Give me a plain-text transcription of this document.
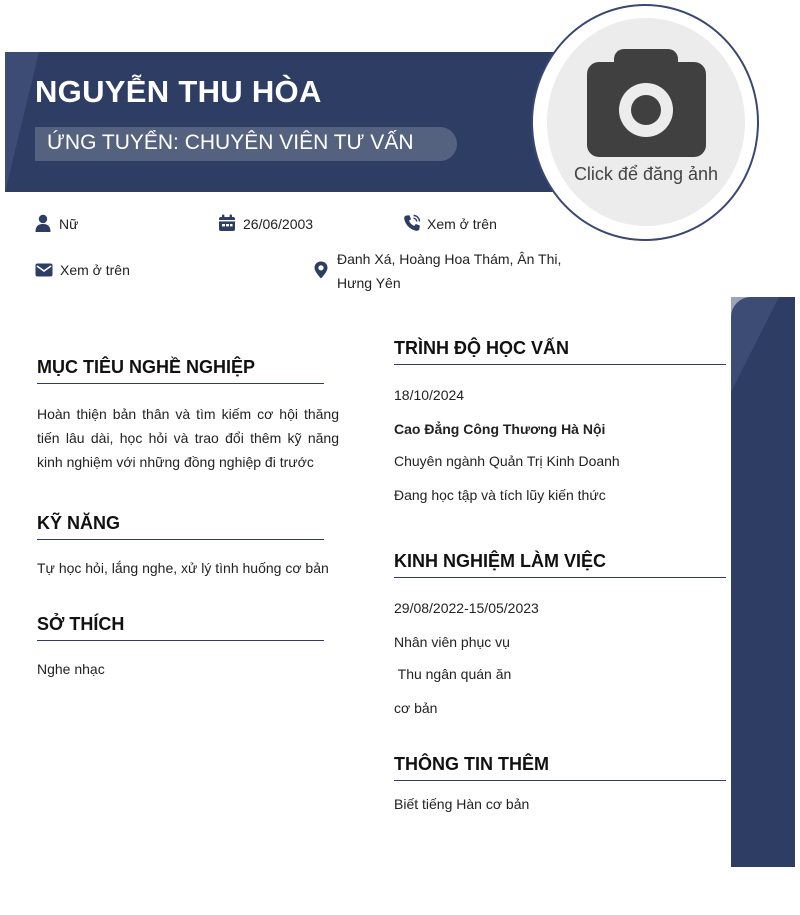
NGUYỄN THU HÒA
ỨNG TUYỂN: CHUYÊN VIÊN TƯ VẤN
Click để đăng ảnh
Nữ	26/06/2003	Xem ở trên
Xem ở trên
Đanh Xá, Hoàng Hoa Thám, Ân Thi, Hưng Yên
MỤC TIÊU NGHỀ NGHIỆP
Hoàn thiện bản thân và tìm kiếm cơ hội thăng tiến lâu dài, học hỏi và trao đổi thêm kỹ năng kinh nghiệm với những đồng nghiệp đi trước
KỸ NĂNG
Tự học hỏi, lắng nghe, xử lý tình huống cơ bản
SỞ THÍCH
Nghe nhạc
TRÌNH ĐỘ HỌC VẤN
18/10/2024
Cao Đẳng Công Thương Hà Nội
Chuyên ngành Quản Trị Kinh Doanh
Đang học tập và tích lũy kiến thức
KINH NGHIỆM LÀM VIỆC
29/08/2022-15/05/2023
Nhân viên phục vụ
Thu ngân quán ăn
cơ bản
THÔNG TIN THÊM
Biết tiếng Hàn cơ bản
